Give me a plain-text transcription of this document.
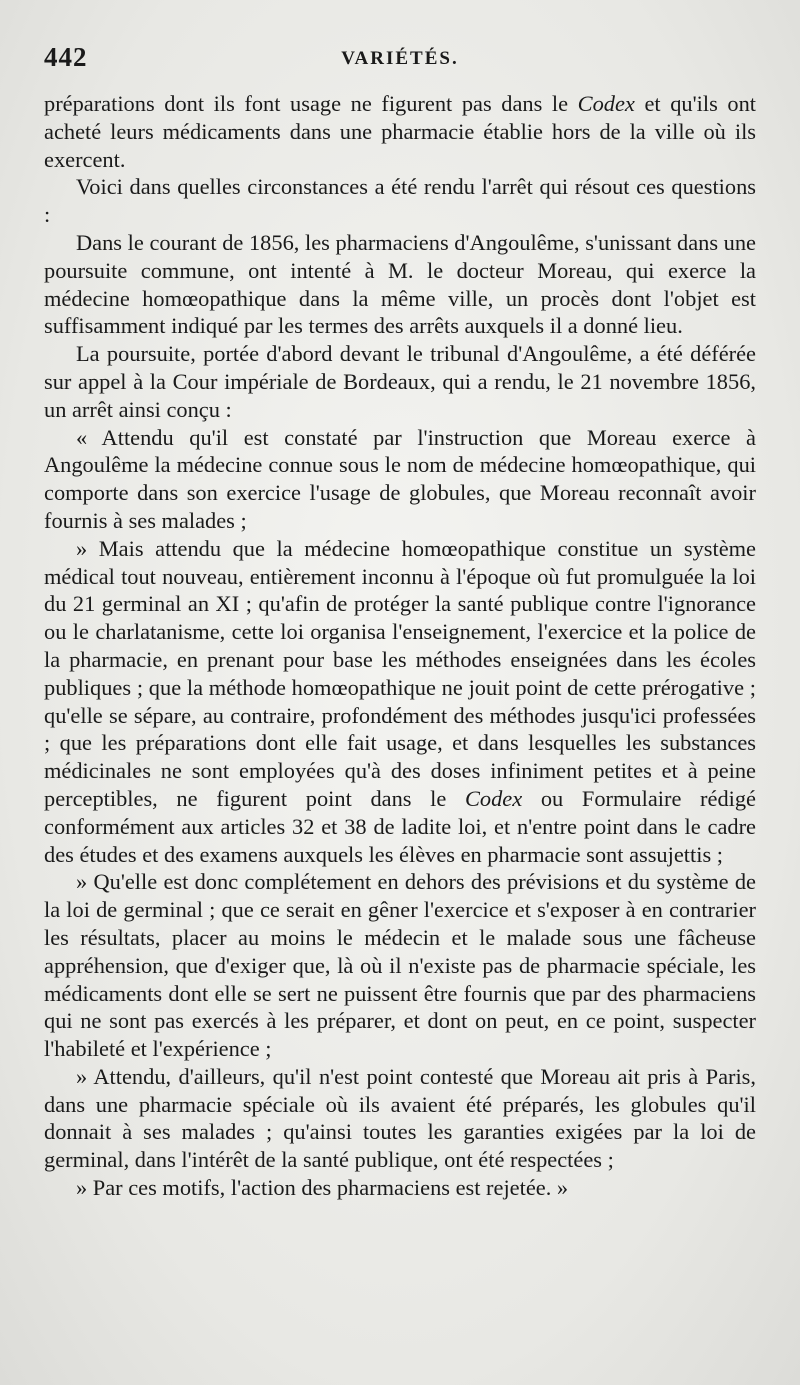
442	VARIÉTÉS.

préparations dont ils font usage ne figurent pas dans le Codex et qu'ils ont acheté leurs médicaments dans une pharmacie établie hors de la ville où ils exercent.

Voici dans quelles circonstances a été rendu l'arrêt qui résout ces questions :

Dans le courant de 1856, les pharmaciens d'Angoulême, s'unissant dans une poursuite commune, ont intenté à M. le docteur Moreau, qui exerce la médecine homœopathique dans la même ville, un procès dont l'objet est suffisamment indiqué par les termes des arrêts auxquels il a donné lieu.

La poursuite, portée d'abord devant le tribunal d'Angoulême, a été déférée sur appel à la Cour impériale de Bordeaux, qui a rendu, le 21 novembre 1856, un arrêt ainsi conçu :

« Attendu qu'il est constaté par l'instruction que Moreau exerce à Angoulême la médecine connue sous le nom de médecine homœopathique, qui comporte dans son exercice l'usage de globules, que Moreau reconnaît avoir fournis à ses malades ;

» Mais attendu que la médecine homœopathique constitue un système médical tout nouveau, entièrement inconnu à l'époque où fut promulguée la loi du 21 germinal an XI ; qu'afin de protéger la santé publique contre l'ignorance ou le charlatanisme, cette loi organisa l'enseignement, l'exercice et la police de la pharmacie, en prenant pour base les méthodes enseignées dans les écoles publiques ; que la méthode homœopathique ne jouit point de cette prérogative ; qu'elle se sépare, au contraire, profondément des méthodes jusqu'ici professées ; que les préparations dont elle fait usage, et dans lesquelles les substances médicinales ne sont employées qu'à des doses infiniment petites et à peine perceptibles, ne figurent point dans le Codex ou Formulaire rédigé conformément aux articles 32 et 38 de ladite loi, et n'entre point dans le cadre des études et des examens auxquels les élèves en pharmacie sont assujettis ;

» Qu'elle est donc complétement en dehors des prévisions et du système de la loi de germinal ; que ce serait en gêner l'exercice et s'exposer à en contrarier les résultats, placer au moins le médecin et le malade sous une fâcheuse appréhension, que d'exiger que, là où il n'existe pas de pharmacie spéciale, les médicaments dont elle se sert ne puissent être fournis que par des pharmaciens qui ne sont pas exercés à les préparer, et dont on peut, en ce point, suspecter l'habileté et l'expérience ;

» Attendu, d'ailleurs, qu'il n'est point contesté que Moreau ait pris à Paris, dans une pharmacie spéciale où ils avaient été préparés, les globules qu'il donnait à ses malades ; qu'ainsi toutes les garanties exigées par la loi de germinal, dans l'intérêt de la santé publique, ont été respectées ;

» Par ces motifs, l'action des pharmaciens est rejetée. »
